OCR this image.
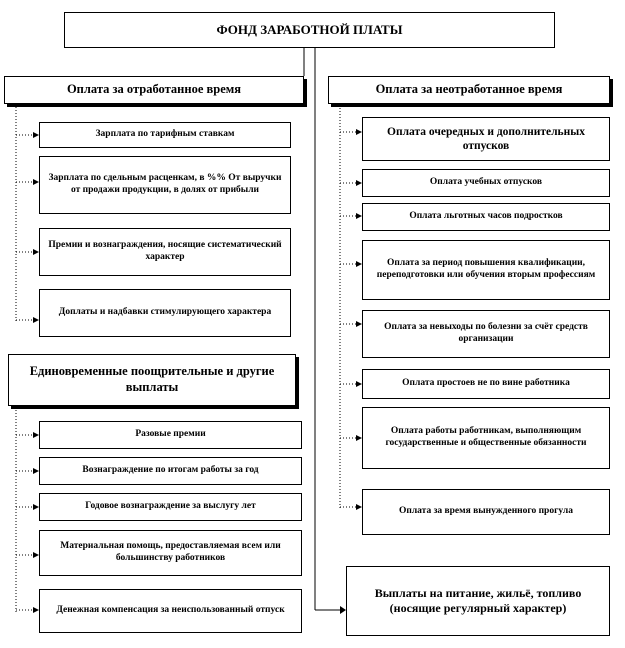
ФОНД ЗАРАБОТНОЙ ПЛАТЫ
Оплата за отработанное время	Оплата за неотработанное время
Зарплата по тарифным ставкам
Зарплата по сдельным расценкам, в %% От выручки от продажи продукции, в долях от прибыли
Премии и вознаграждения, носящие систематический характер
Доплаты и надбавки стимулирующего характера
Единовременные поощрительные и другие выплаты
Разовые премии
Вознаграждение по итогам работы за год
Годовое вознаграждение за выслугу лет
Материальная помощь, предоставляемая всем или большинству работников
Денежная компенсация за неиспользованный отпуск
Оплата очередных и дополнительных отпусков
Оплата учебных отпусков
Оплата льготных часов подростков
Оплата за период повышения квалификации, переподготовки или обучения вторым профессиям
Оплата за невыходы по болезни за счёт средств организации
Оплата простоев не по вине работника
Оплата работы работникам, выполняющим государственные и общественные обязанности
Оплата за время вынужденного прогула
Выплаты на питание, жильё, топливо (носящие регулярный характер)
